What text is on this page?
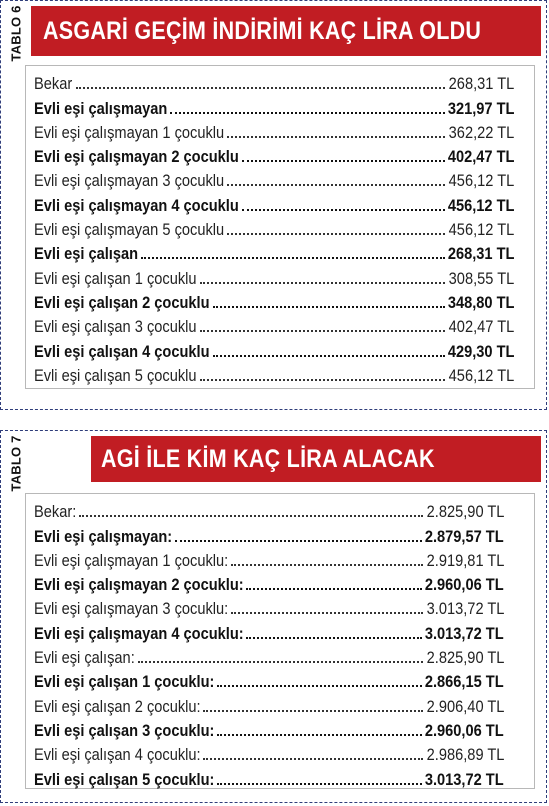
TABLO 6 ASGARİ GEÇİM İNDİRİMİ KAÇ LİRA OLDU
Bekar	268,31 TL
Evli eşi çalışmayan	321,97 TL
Evli eşi çalışmayan 1 çocuklu	362,22 TL
Evli eşi çalışmayan 2 çocuklu	402,47 TL
Evli eşi çalışmayan 3 çocuklu	456,12 TL
Evli eşi çalışmayan 4 çocuklu	456,12 TL
Evli eşi çalışmayan 5 çocuklu	456,12 TL
Evli eşi çalışan	268,31 TL
Evli eşi çalışan 1 çocuklu	308,55 TL
Evli eşi çalışan 2 çocuklu	348,80 TL
Evli eşi çalışan 3 çocuklu	402,47 TL
Evli eşi çalışan 4 çocuklu	429,30 TL
Evli eşi çalışan 5 çocuklu	456,12 TL
TABLO 7	AGİ İLE KİM KAÇ LİRA ALACAK
Bekar:	2.825,90 TL
Evli eşi çalışmayan:	2.879,57 TL
Evli eşi çalışmayan 1 çocuklu:	2.919,81 TL
Evli eşi çalışmayan 2 çocuklu:	2.960,06 TL
Evli eşi çalışmayan 3 çocuklu:	3.013,72 TL
Evli eşi çalışmayan 4 çocuklu:	3.013,72 TL
Evli eşi çalışan:	2.825,90 TL
Evli eşi çalışan 1 çocuklu:	2.866,15 TL
Evli eşi çalışan 2 çocuklu:	2.906,40 TL
Evli eşi çalışan 3 çocuklu:	2.960,06 TL
Evli eşi çalışan 4 çocuklu:	2.986,89 TL
Evli eşi çalışan 5 çocuklu:	3.013,72 TL
